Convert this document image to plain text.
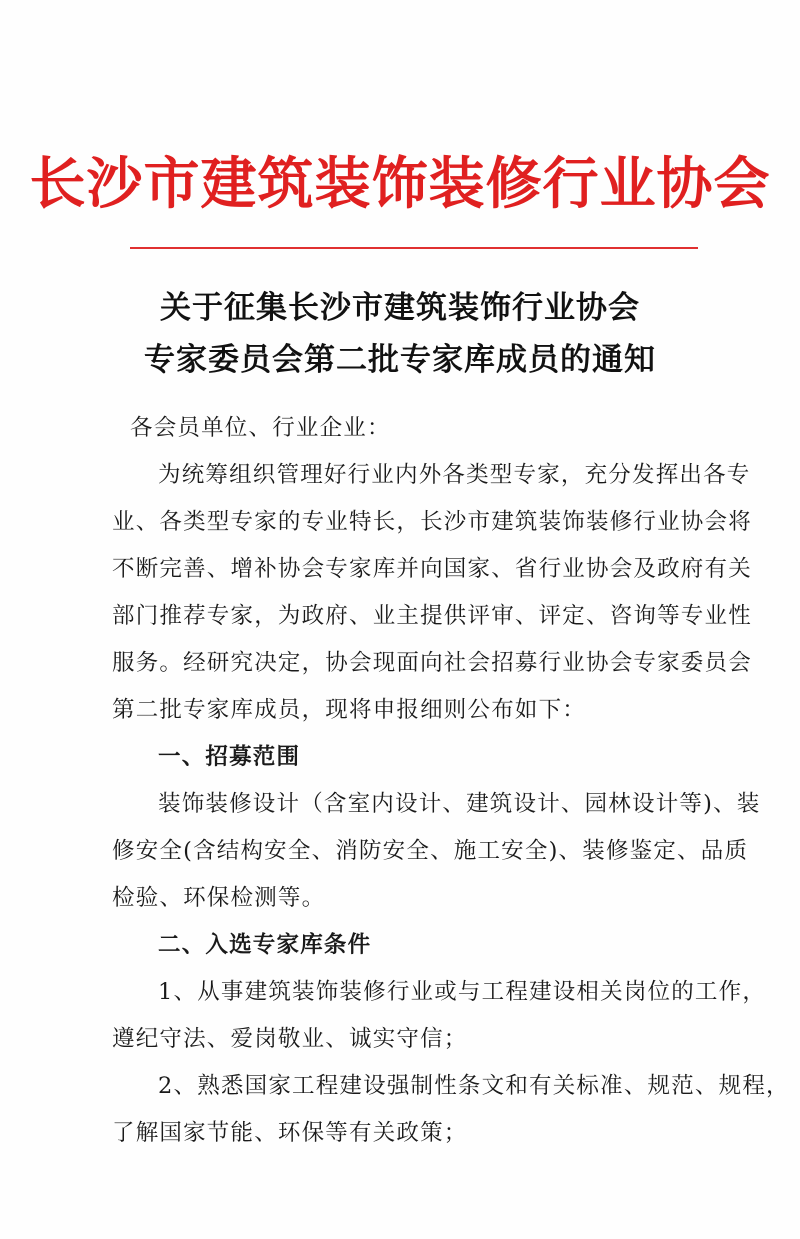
长沙市建筑装饰装修行业协会
关于征集长沙市建筑装饰行业协会
专家委员会第二批专家库成员的通知
各会员单位、行业企业：
为统筹组织管理好行业内外各类型专家，充分发挥出各专
业、各类型专家的专业特长，长沙市建筑装饰装修行业协会将
不断完善、增补协会专家库并向国家、省行业协会及政府有关
部门推荐专家，为政府、业主提供评审、评定、咨询等专业性
服务。经研究决定，协会现面向社会招募行业协会专家委员会
第二批专家库成员，现将申报细则公布如下：
一、招募范围
装饰装修设计（含室内设计、建筑设计、园林设计等)、装
修安全(含结构安全、消防安全、施工安全)、装修鉴定、品质
检验、环保检测等。
二、入选专家库条件
1、从事建筑装饰装修行业或与工程建设相关岗位的工作，
遵纪守法、爱岗敬业、诚实守信；
2、熟悉国家工程建设强制性条文和有关标准、规范、规程，
了解国家节能、环保等有关政策；
